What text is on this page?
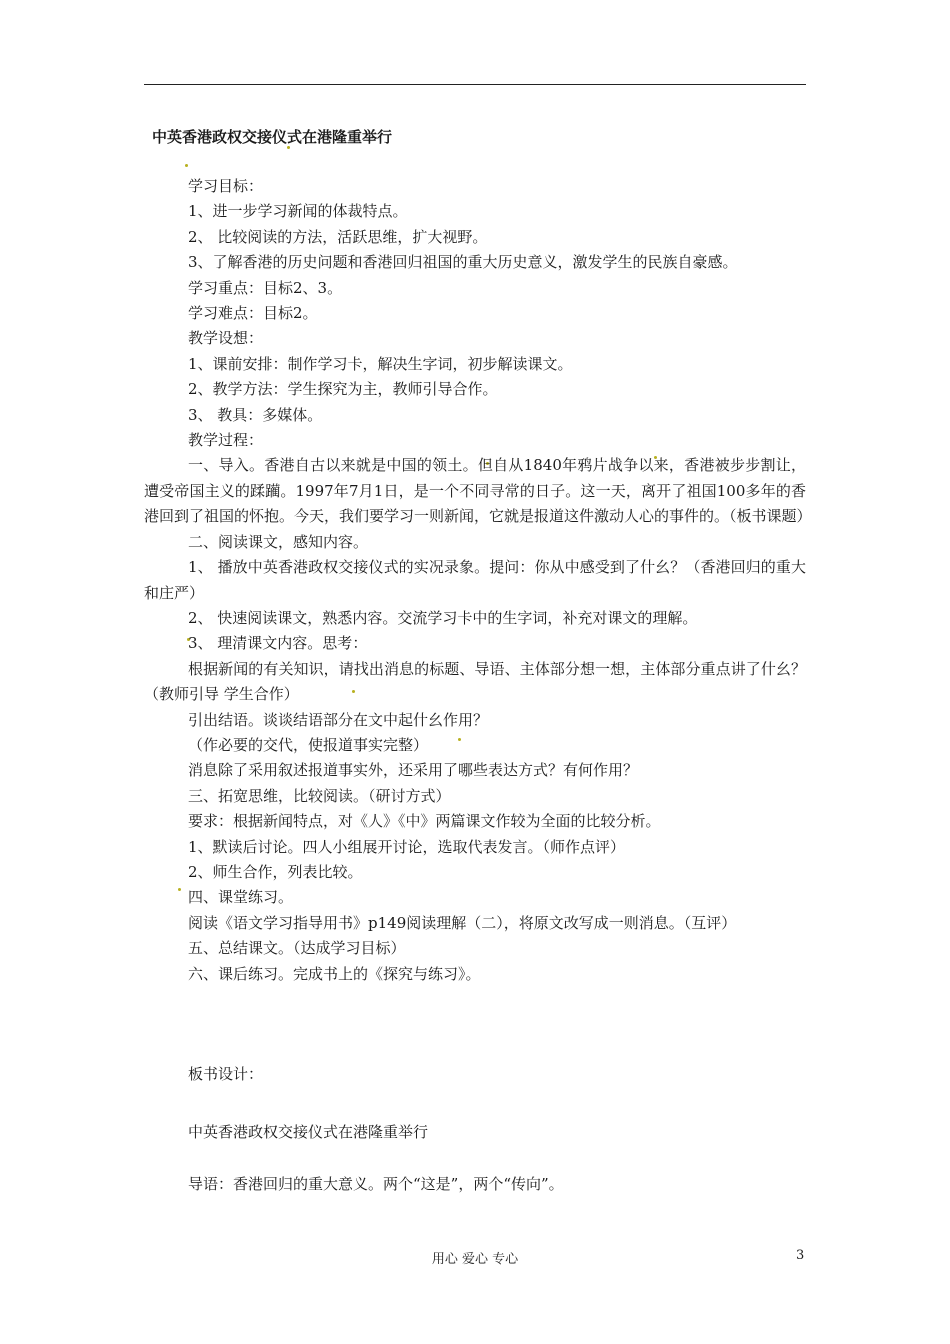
中英香港政权交接仪式在港隆重举行

学习目标：

1、进一步学习新闻的体裁特点。

2、 比较阅读的方法，活跃思维，扩大视野。

3、了解香港的历史问题和香港回归祖国的重大历史意义，激发学生的民族自豪感。

学习重点：目标2、3。

学习难点：目标2。

教学设想：

1、课前安排：制作学习卡，解决生字词，初步解读课文。

2、教学方法：学生探究为主，教师引导合作。

3、 教具：多媒体。

教学过程：

一、导入。香港自古以来就是中国的领土。但自从1840年鸦片战争以来，香港被步步割让，遭受帝国主义的蹂躏。1997年7月1日，是一个不同寻常的日子。这一天，离开了祖国100多年的香港回到了祖国的怀抱。今天，我们要学习一则新闻，它就是报道这件激动人心的事件的。（板书课题）

二、阅读课文，感知内容。

1、 播放中英香港政权交接仪式的实况录象。提问：你从中感受到了什幺？（香港回归的重大和庄严）

2、 快速阅读课文，熟悉内容。交流学习卡中的生字词，补充对课文的理解。

3、 理清课文内容。思考：

根据新闻的有关知识，请找出消息的标题、导语、主体部分想一想，主体部分重点讲了什幺？（教师引导 学生合作）

引出结语。谈谈结语部分在文中起什幺作用？

（作必要的交代，使报道事实完整）

消息除了采用叙述报道事实外，还采用了哪些表达方式？有何作用？

三、拓宽思维，比较阅读。（研讨方式）

要求：根据新闻特点，对《人》《中》两篇课文作较为全面的比较分析。

1、默读后讨论。四人小组展开讨论，选取代表发言。（师作点评）

2、师生合作，列表比较。

四、课堂练习。

阅读《语文学习指导用书》p149阅读理解（二），将原文改写成一则消息。（互评）

五、总结课文。（达成学习目标）

六、课后练习。完成书上的《探究与练习》。

板书设计：

中英香港政权交接仪式在港隆重举行

导语：香港回归的重大意义。两个“这是”，两个“传向”。

用心 爱心 专心	3
